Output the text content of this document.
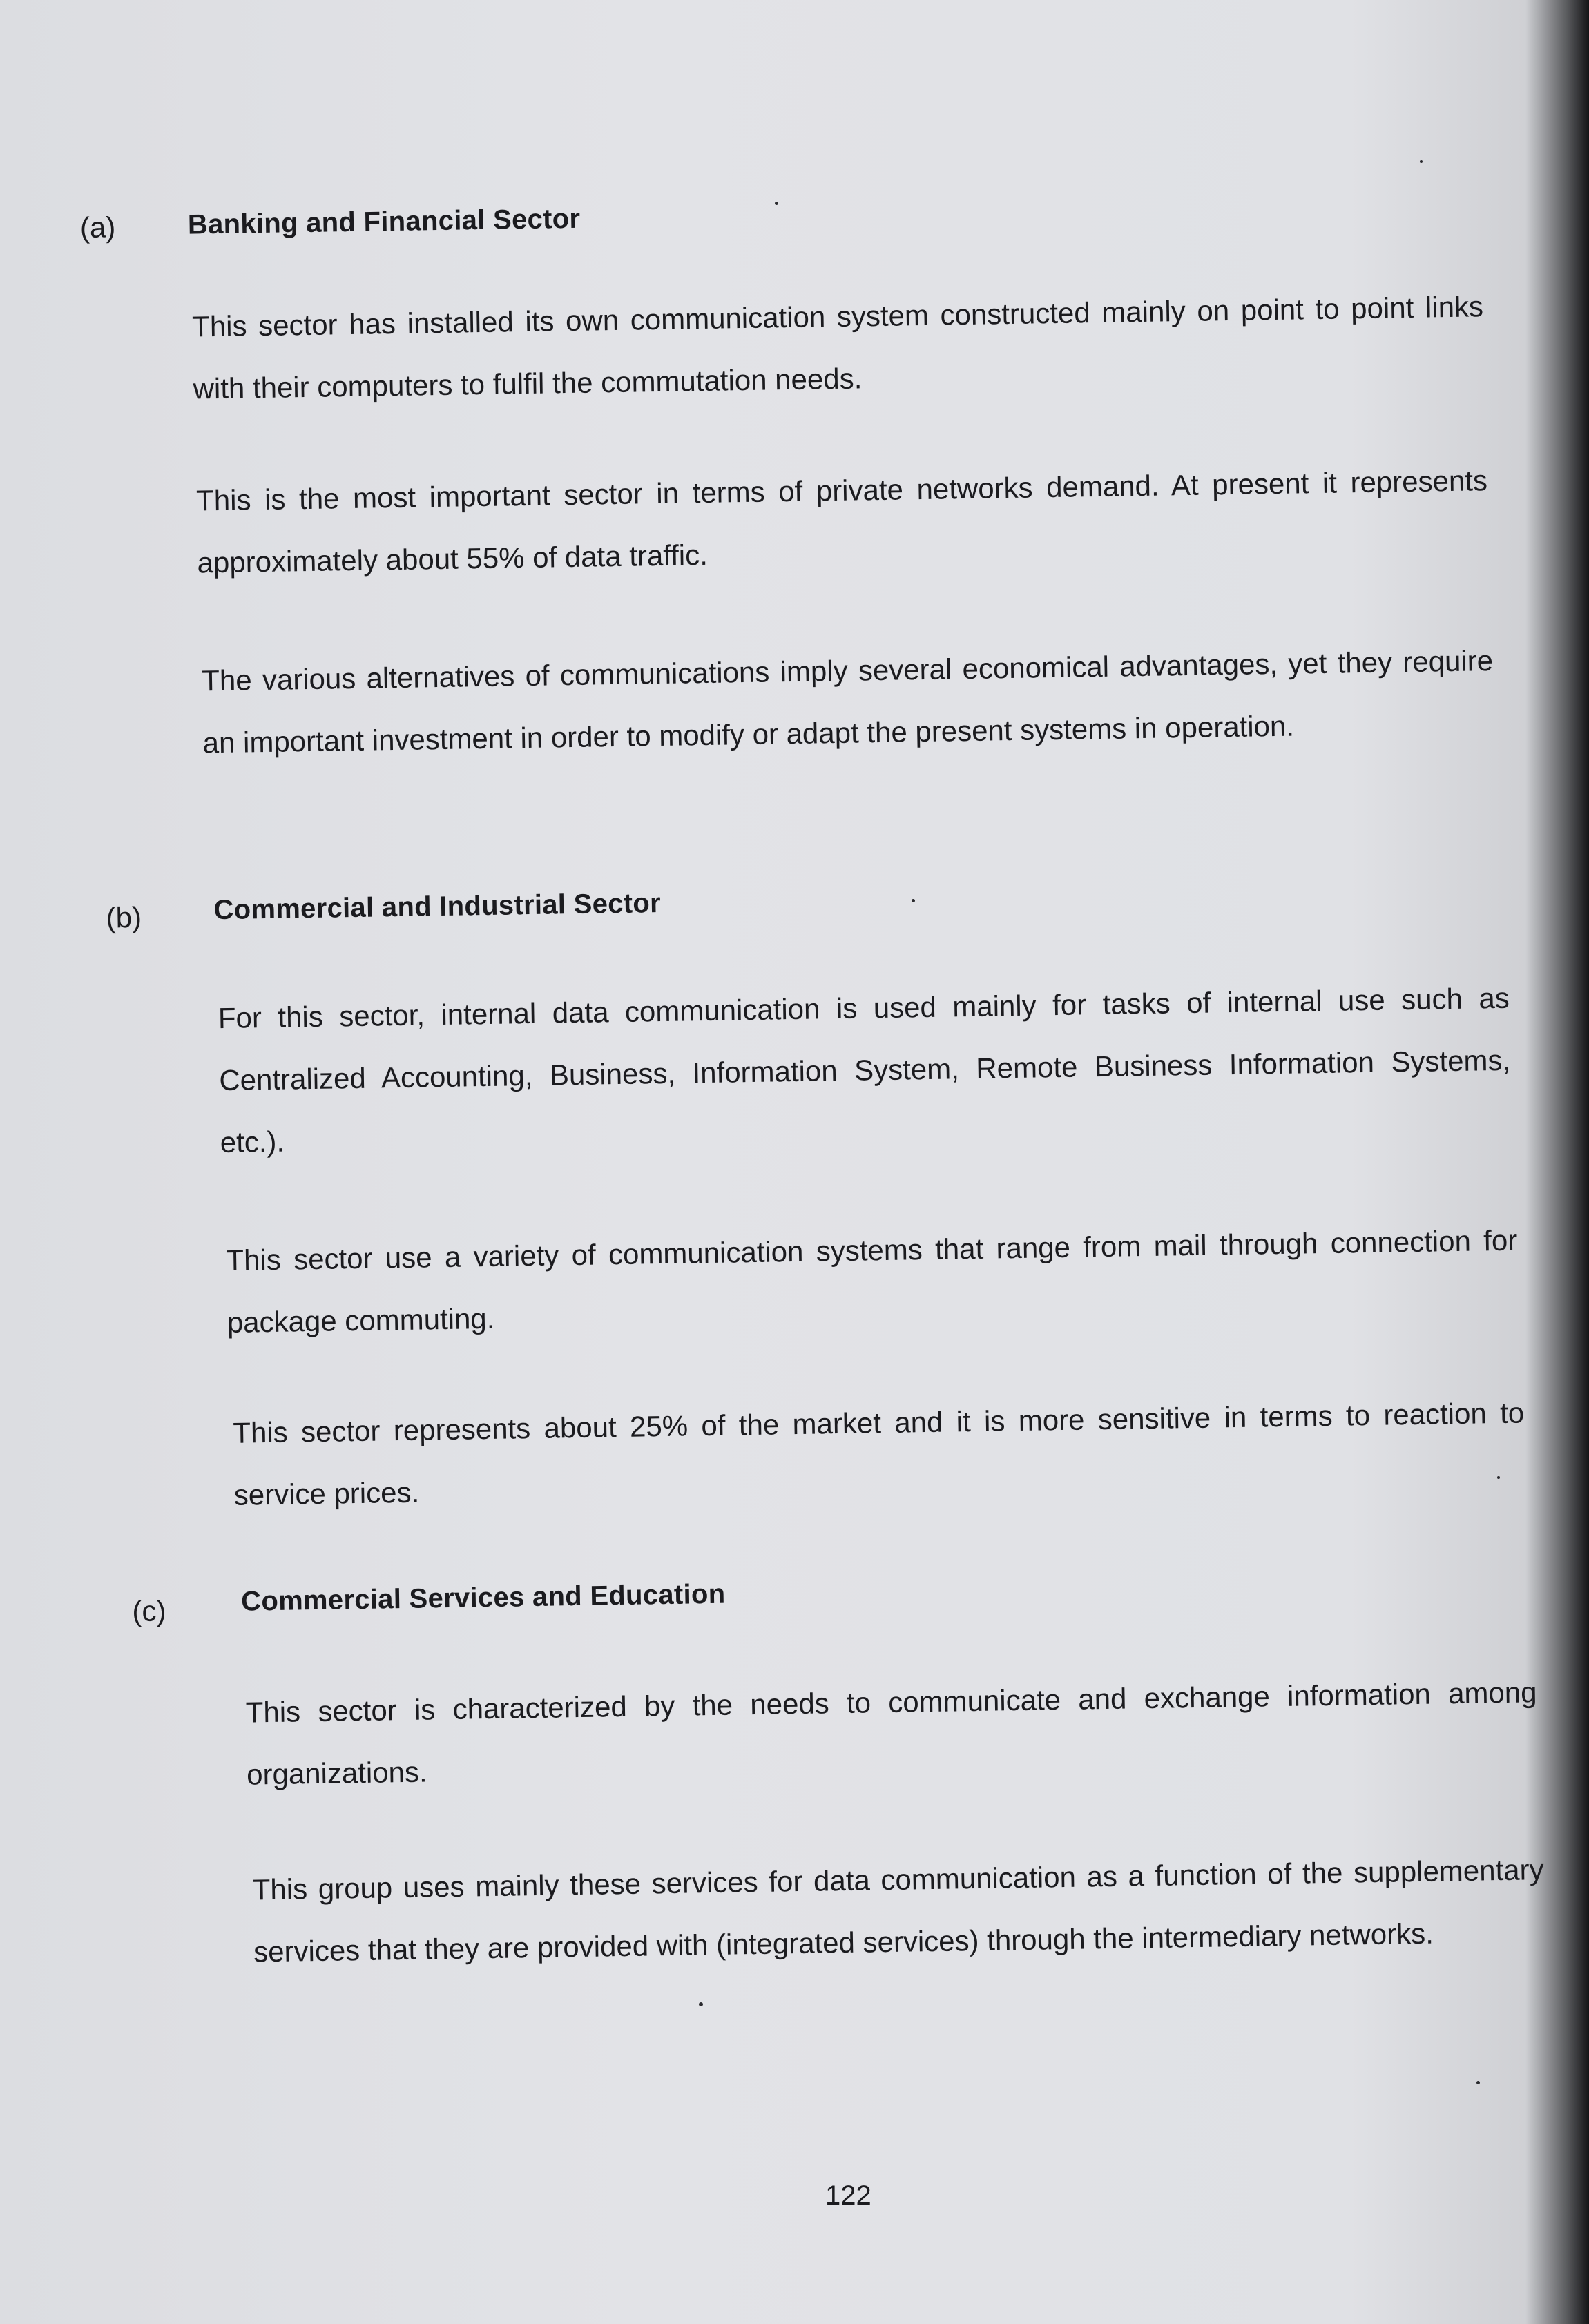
(a)	Banking and Financial Sector

This sector has installed its own communication system constructed mainly on point to point links with their computers to fulfil the commutation needs.

This is the most important sector in terms of private networks demand. At present it represents approximately about 55% of data traffic.

The various alternatives of communications imply several economical advantages, yet they require an important investment in order to modify or adapt the present systems in operation.

(b)	Commercial and Industrial Sector

For this sector, internal data communication is used mainly for tasks of internal use such as Centralized Accounting, Business, Information System, Remote Business Information Systems, etc.).

This sector use a variety of communication systems that range from mail through connection for package commuting.

This sector represents about 25% of the market and it is more sensitive in terms to reaction to service prices.

(c)	Commercial Services and Education

This sector is characterized by the needs to communicate and exchange information among organizations.

This group uses mainly these services for data communication as a function of the supplementary services that they are provided with (integrated services) through the intermediary networks.

122
